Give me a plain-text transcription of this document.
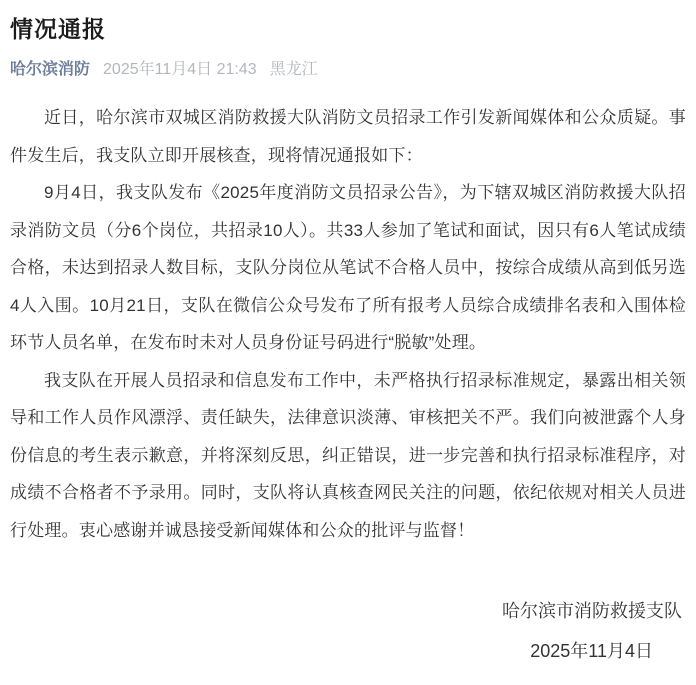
情况通报
哈尔滨消防 2025年11月4日 21:43 黑龙江

近日，哈尔滨市双城区消防救援大队消防文员招录工作引发新闻媒体和公众质疑。事件发生后，我支队立即开展核查，现将情况通报如下：

9月4日，我支队发布《2025年度消防文员招录公告》，为下辖双城区消防救援大队招录消防文员（分6个岗位，共招录10人）。共33人参加了笔试和面试，因只有6人笔试成绩合格，未达到招录人数目标，支队分岗位从笔试不合格人员中，按综合成绩从高到低另选4人入围。10月21日，支队在微信公众号发布了所有报考人员综合成绩排名表和入围体检环节人员名单，在发布时未对人员身份证号码进行“脱敏”处理。

我支队在开展人员招录和信息发布工作中，未严格执行招录标准规定，暴露出相关领导和工作人员作风漂浮、责任缺失，法律意识淡薄、审核把关不严。我们向被泄露个人身份信息的考生表示歉意，并将深刻反思，纠正错误，进一步完善和执行招录标准程序，对成绩不合格者不予录用。同时，支队将认真核查网民关注的问题，依纪依规对相关人员进行处理。衷心感谢并诚恳接受新闻媒体和公众的批评与监督！

哈尔滨市消防救援支队

2025年11月4日
